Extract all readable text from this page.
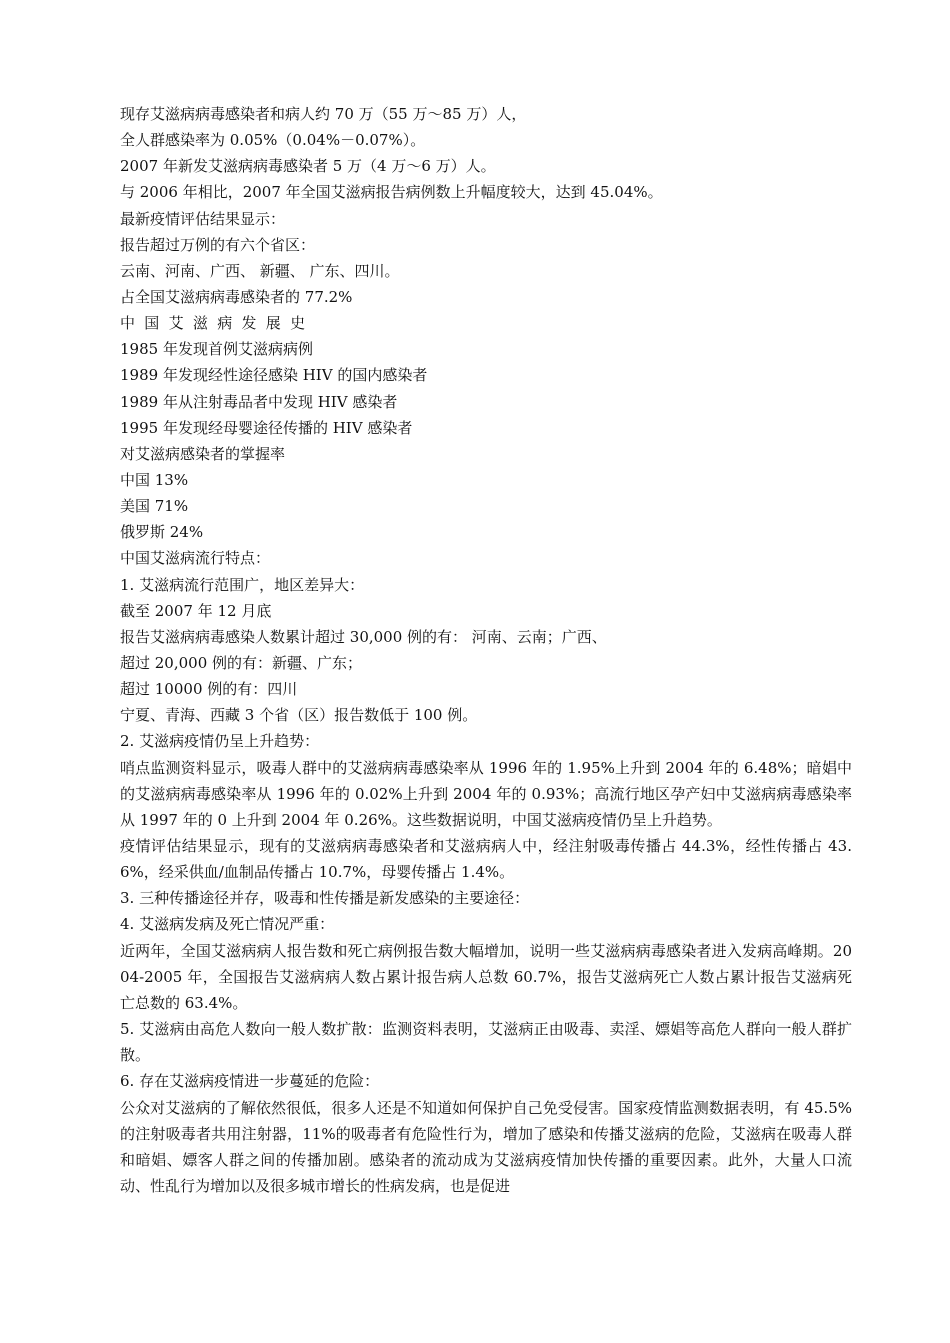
现存艾滋病病毒感染者和病人约 70 万（55 万～85 万）人，
全人群感染率为 0.05%（0.04%－0.07%）。
2007 年新发艾滋病病毒感染者 5 万（4 万～6 万）人。
与 2006 年相比，2007 年全国艾滋病报告病例数上升幅度较大，达到 45.04%。
最新疫情评估结果显示：
报告超过万例的有六个省区：
云南、河南、广西、 新疆、 广东、四川。
占全国艾滋病病毒感染者的 77.2%
中国艾滋病发展史
1985 年发现首例艾滋病病例
1989 年发现经性途径感染 HIV 的国内感染者
1989 年从注射毒品者中发现 HIV 感染者
1995 年发现经母婴途径传播的 HIV 感染者
对艾滋病感染者的掌握率
中国 13%
美国 71%
俄罗斯 24%
中国艾滋病流行特点：
1. 艾滋病流行范围广，地区差异大：
截至 2007 年 12 月底
报告艾滋病病毒感染人数累计超过 30,000 例的有： 河南、云南；广西、
超过 20,000 例的有：新疆、广东；
超过 10000 例的有：四川
宁夏、青海、西藏 3 个省（区）报告数低于 100 例。
2. 艾滋病疫情仍呈上升趋势：
哨点监测资料显示，吸毒人群中的艾滋病病毒感染率从 1996 年的 1.95%上升到 2004 年的 6.48%；暗娼中的艾滋病病毒感染率从 1996 年的 0.02%上升到 2004 年的 0.93%；高流行地区孕产妇中艾滋病病毒感染率从 1997 年的 0 上升到 2004 年 0.26%。这些数据说明，中国艾滋病疫情仍呈上升趋势。
疫情评估结果显示，现有的艾滋病病毒感染者和艾滋病病人中，经注射吸毒传播占 44.3%，经性传播占 43.6%，经采供血/血制品传播占 10.7%，母婴传播占 1.4%。
3. 三种传播途径并存，吸毒和性传播是新发感染的主要途径：
4. 艾滋病发病及死亡情况严重：
近两年，全国艾滋病病人报告数和死亡病例报告数大幅增加，说明一些艾滋病病毒感染者进入发病高峰期。2004-2005 年，全国报告艾滋病病人数占累计报告病人总数 60.7%，报告艾滋病死亡人数占累计报告艾滋病死亡总数的 63.4%。
5. 艾滋病由高危人数向一般人数扩散：监测资料表明，艾滋病正由吸毒、卖淫、嫖娼等高危人群向一般人群扩散。
6. 存在艾滋病疫情进一步蔓延的危险：
公众对艾滋病的了解依然很低，很多人还是不知道如何保护自己免受侵害。国家疫情监测数据表明，有 45.5%的注射吸毒者共用注射器，11%的吸毒者有危险性行为，增加了感染和传播艾滋病的危险，艾滋病在吸毒人群和暗娼、嫖客人群之间的传播加剧。感染者的流动成为艾滋病疫情加快传播的重要因素。此外，大量人口流动、性乱行为增加以及很多城市增长的性病发病，也是促进
